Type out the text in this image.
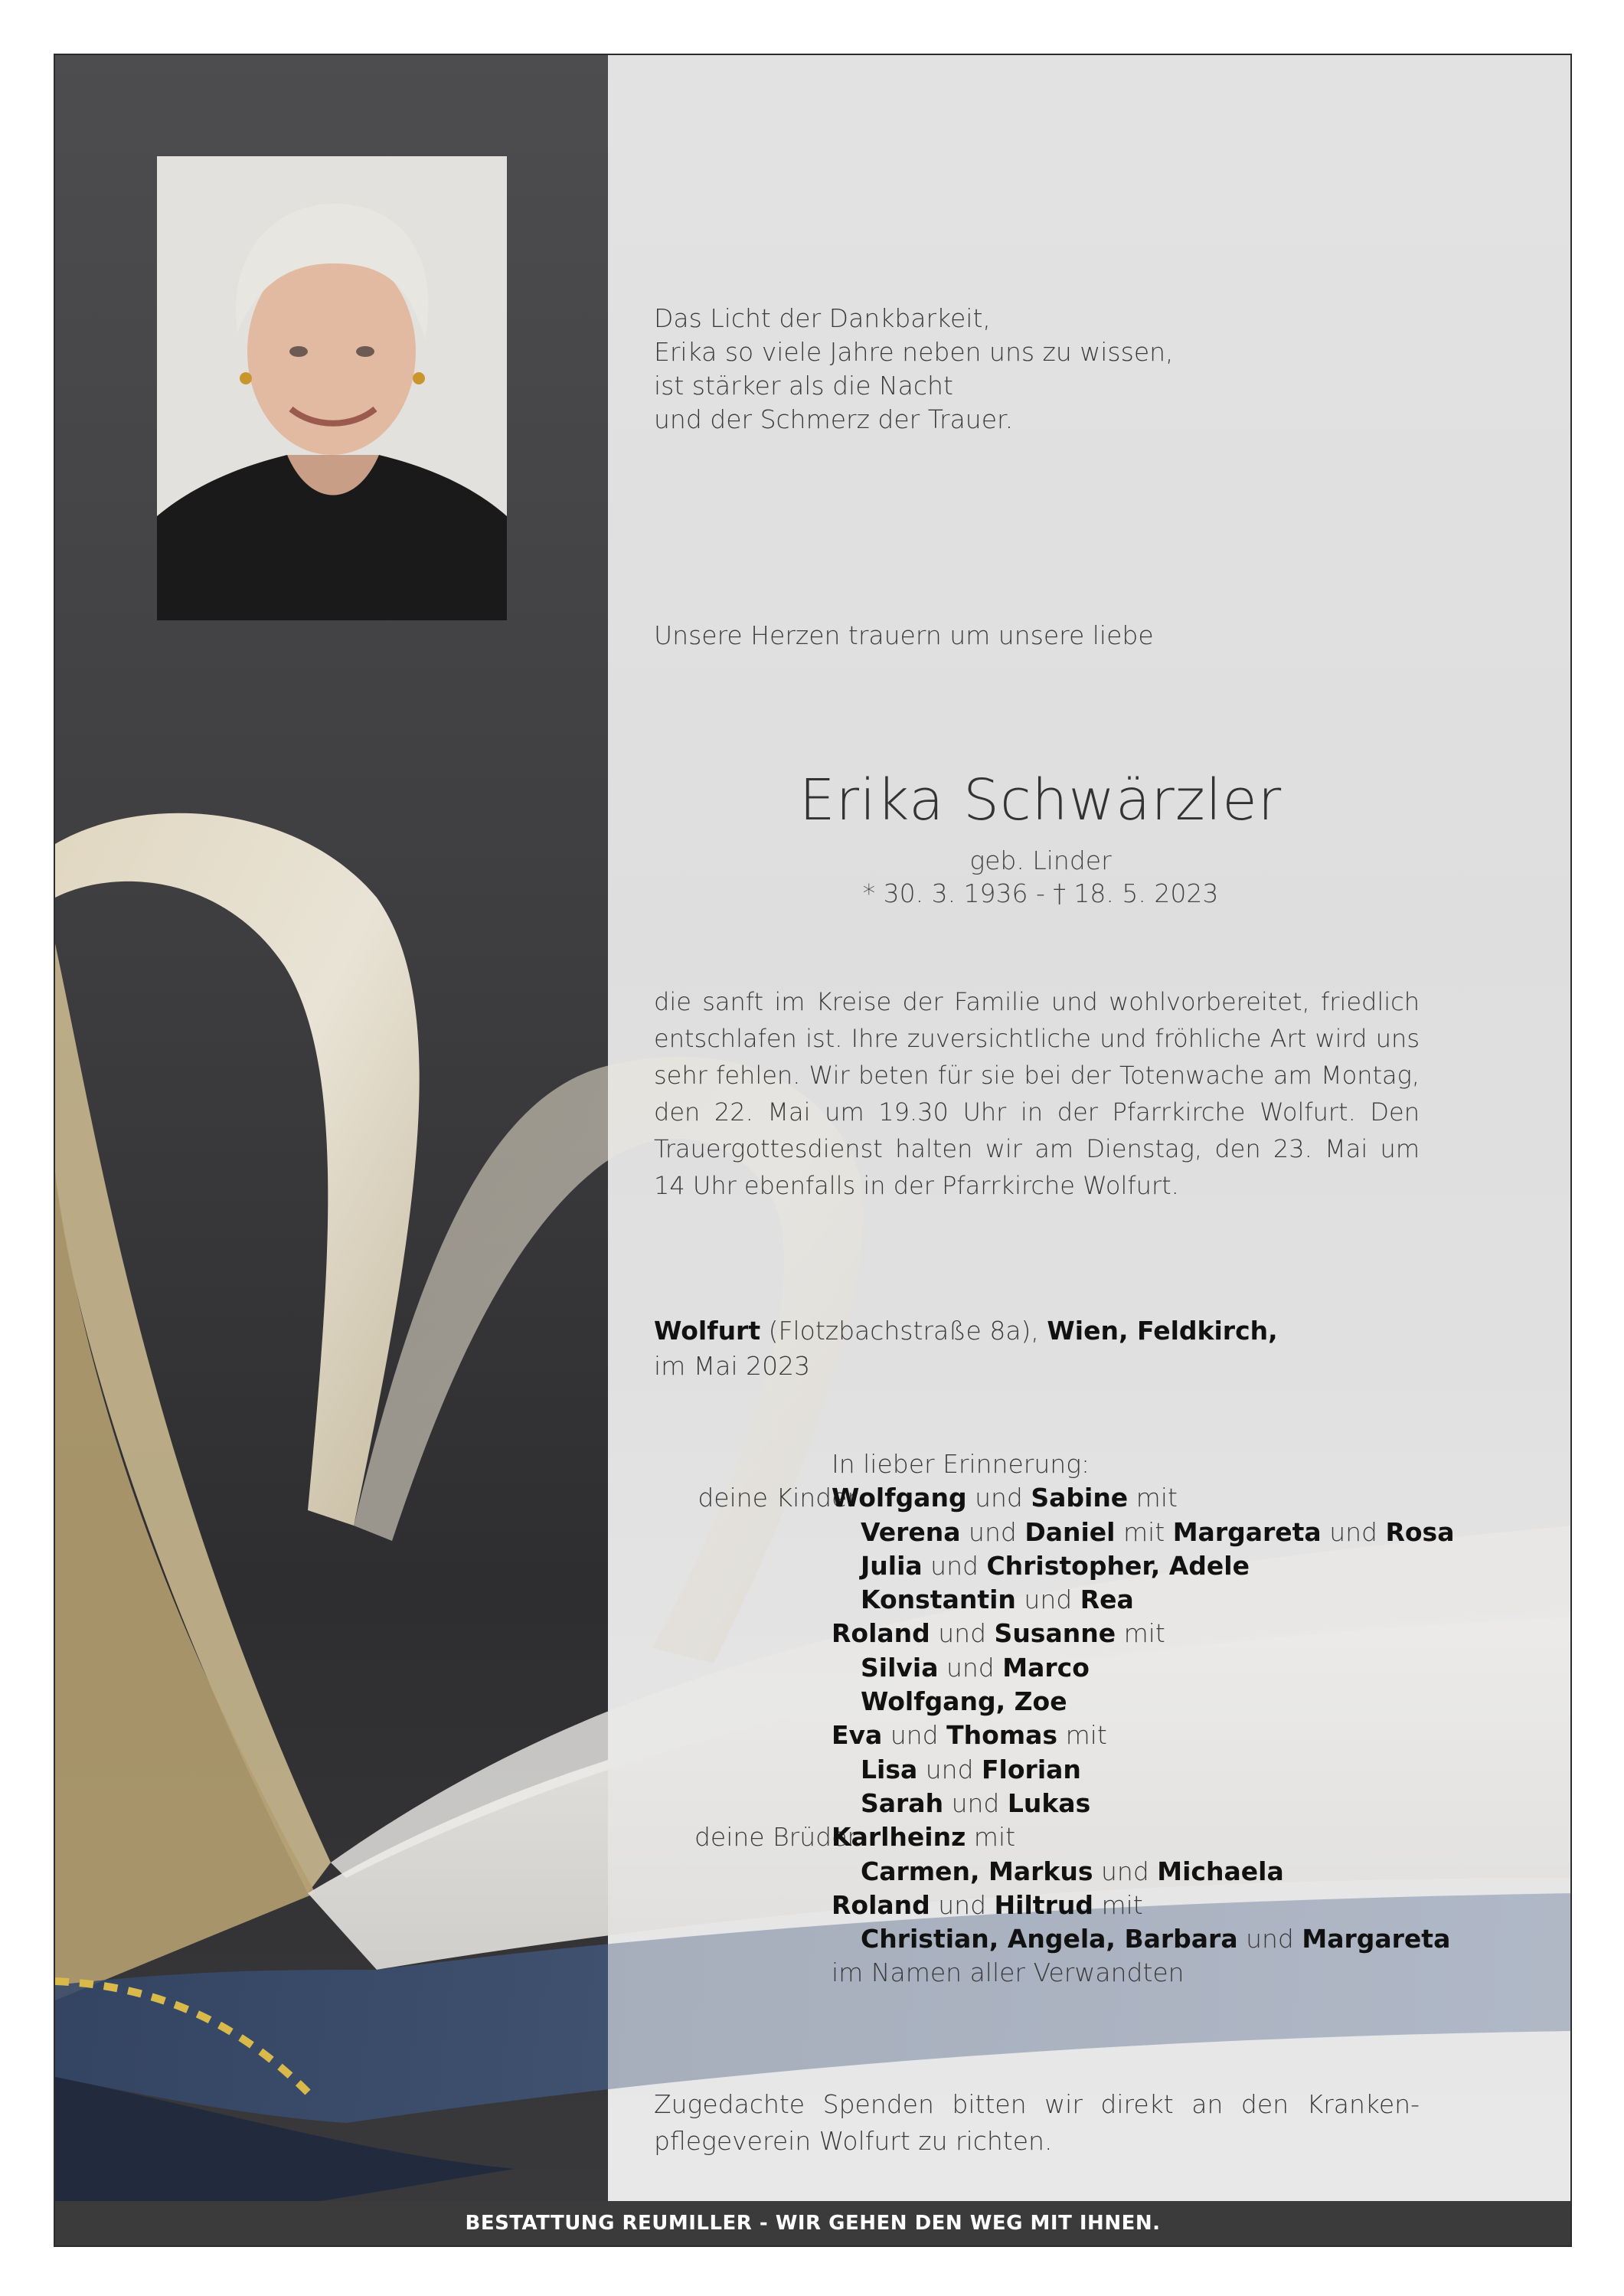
Das Licht der Dankbarkeit,
Erika so viele Jahre neben uns zu wissen,
ist stärker als die Nacht
und der Schmerz der Trauer.
Unsere Herzen trauern um unsere liebe
Erika Schwärzler
geb. Linder
* 30. 3. 1936 - † 18. 5. 2023
die sanft im Kreise der Familie und wohlvorbereitet, friedlich entschlafen ist. Ihre zuversichtliche und fröhliche Art wird uns sehr fehlen. Wir beten für sie bei der Totenwache am Montag, den 22. Mai um 19.30 Uhr in der Pfarrkirche Wolfurt. Den Trauergottesdienst halten wir am Dienstag, den 23. Mai um 14 Uhr ebenfalls in der Pfarrkirche Wolfurt.
Wolfurt (Flotzbachstraße 8a), Wien, Feldkirch,
im Mai 2023
In lieber Erinnerung:
deine Kinder
Wolfgang und Sabine mit
Verena und Daniel mit Margareta und Rosa
Julia und Christopher, Adele
Konstantin und Rea
Roland und Susanne mit
Silvia und Marco
Wolfgang, Zoe
Eva und Thomas mit
Lisa und Florian
Sarah und Lukas
deine Brüder
Karlheinz mit
Carmen, Markus und Michaela
Roland und Hiltrud mit
Christian, Angela, Barbara und Margareta
im Namen aller Verwandten
Zugedachte Spenden bitten wir direkt an den Kranken-pflegeverein Wolfurt zu richten.
BESTATTUNG REUMILLER - WIR GEHEN DEN WEG MIT IHNEN.
